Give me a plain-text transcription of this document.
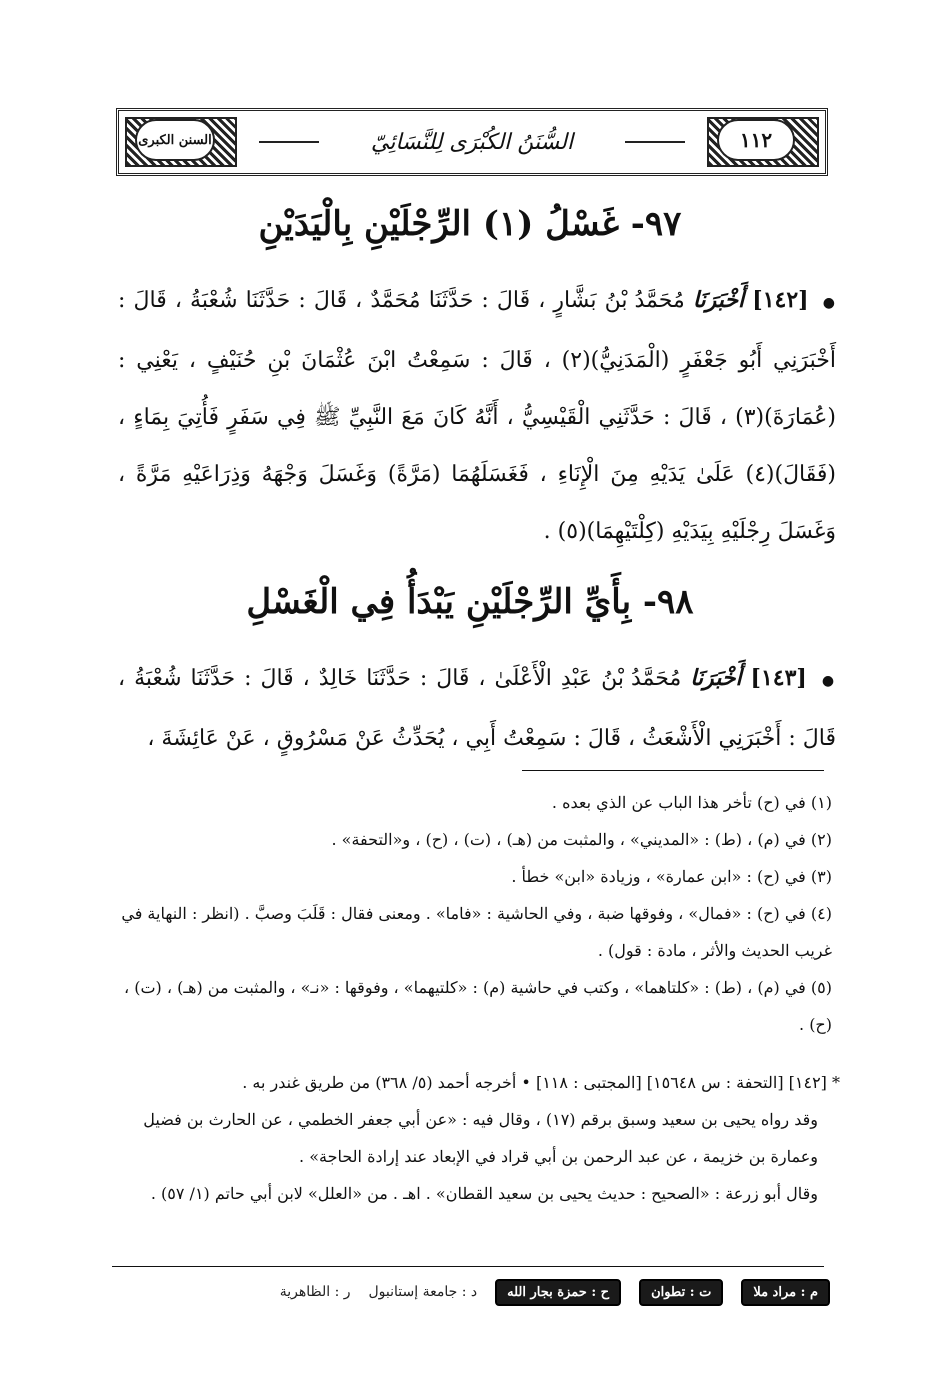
السنن الكبرى	السُّنَنُ الكُبْرَى لِلنَّسَائِيّ	١١٢
٩٧- غَسْلُ (١) الرِّجْلَيْنِ بِالْيَدَيْنِ
● [١٤٢] أَخْبَرَنَا مُحَمَّدُ بْنُ بَشَّارٍ ، قَالَ : حَدَّثَنَا مُحَمَّدٌ ، قَالَ : حَدَّثَنَا شُعْبَةُ ، قَالَ : أَخْبَرَنِي أَبُو جَعْفَرٍ (الْمَدَنِيُّ)(٢) ، قَالَ : سَمِعْتُ ابْنَ عُثْمَانَ بْنِ حُنَيْفٍ ، يَعْنِي : (عُمَارَةَ)(٣) ، قَالَ : حَدَّثَنِي الْقَيْسِيُّ ، أَنَّهُ كَانَ مَعَ النَّبِيِّ ﷺ فِي سَفَرٍ فَأُتِيَ بِمَاءٍ ، (فَقَالَ)(٤) عَلَىٰ يَدَيْهِ مِنَ الْإِنَاءِ ، فَغَسَلَهُمَا (مَرَّةً) وَغَسَلَ وَجْهَهُ وَذِرَاعَيْهِ مَرَّةً ، وَغَسَلَ رِجْلَيْهِ بِيَدَيْهِ (كِلْتَيْهِمَا)(٥) .
٩٨- بِأَيِّ الرِّجْلَيْنِ يَبْدَأُ فِي الْغَسْلِ
● [١٤٣] أَخْبَرَنَا مُحَمَّدُ بْنُ عَبْدِ الْأَعْلَىٰ ، قَالَ : حَدَّثَنَا خَالِدٌ ، قَالَ : حَدَّثَنَا شُعْبَةُ ، قَالَ : أَخْبَرَنِي الْأَشْعَثُ ، قَالَ : سَمِعْتُ أَبِي ، يُحَدِّثُ عَنْ مَسْرُوقٍ ، عَنْ عَائِشَةَ ،

(١) في (ح) تأخر هذا الباب عن الذي بعده .

(٢) في (م) ، (ط) : «المديني» ، والمثبت من (هـ) ، (ت) ، (ح) ، و«التحفة» .

(٣) في (ح) : «ابن عمارة» ، وزيادة «ابن» خطأ .

(٤) في (ح) : «فمال» ، وفوقها ضبة ، وفي الحاشية : «فاما» . ومعنى فقال : قَلَبَ وصبَّ . (انظر : النهاية في غريب الحديث والأثر ، مادة : قول) .

(٥) في (م) ، (ط) : «كلتاهما» ، وكتب في حاشية (م) : «كلتيهما» ، وفوقها : «نـ» ، والمثبت من (هـ) ، (ت) ، (ح) .

* [١٤٢] [التحفة : س ١٥٦٤٨] [المجتبى : ١١٨] • أخرجه أحمد (٥/ ٣٦٨) من طريق غندر به .

وقد رواه يحيى بن سعيد وسبق برقم (١٧) ، وقال فيه : «عن أبي جعفر الخطمي ، عن الحارث بن فضيل وعمارة بن خزيمة ، عن عبد الرحمن بن أبي قراد في الإبعاد عند إرادة الحاجة» .

وقال أبو زرعة : «الصحيح : حديث يحيى بن سعيد القطان» . اهـ . من «العلل» لابن أبي حاتم (١/ ٥٧) .

م : مراد ملا
ت : تطوان
ح : حمزة بجار الله
د : جامعة إستانبول
ر : الظاهرية
